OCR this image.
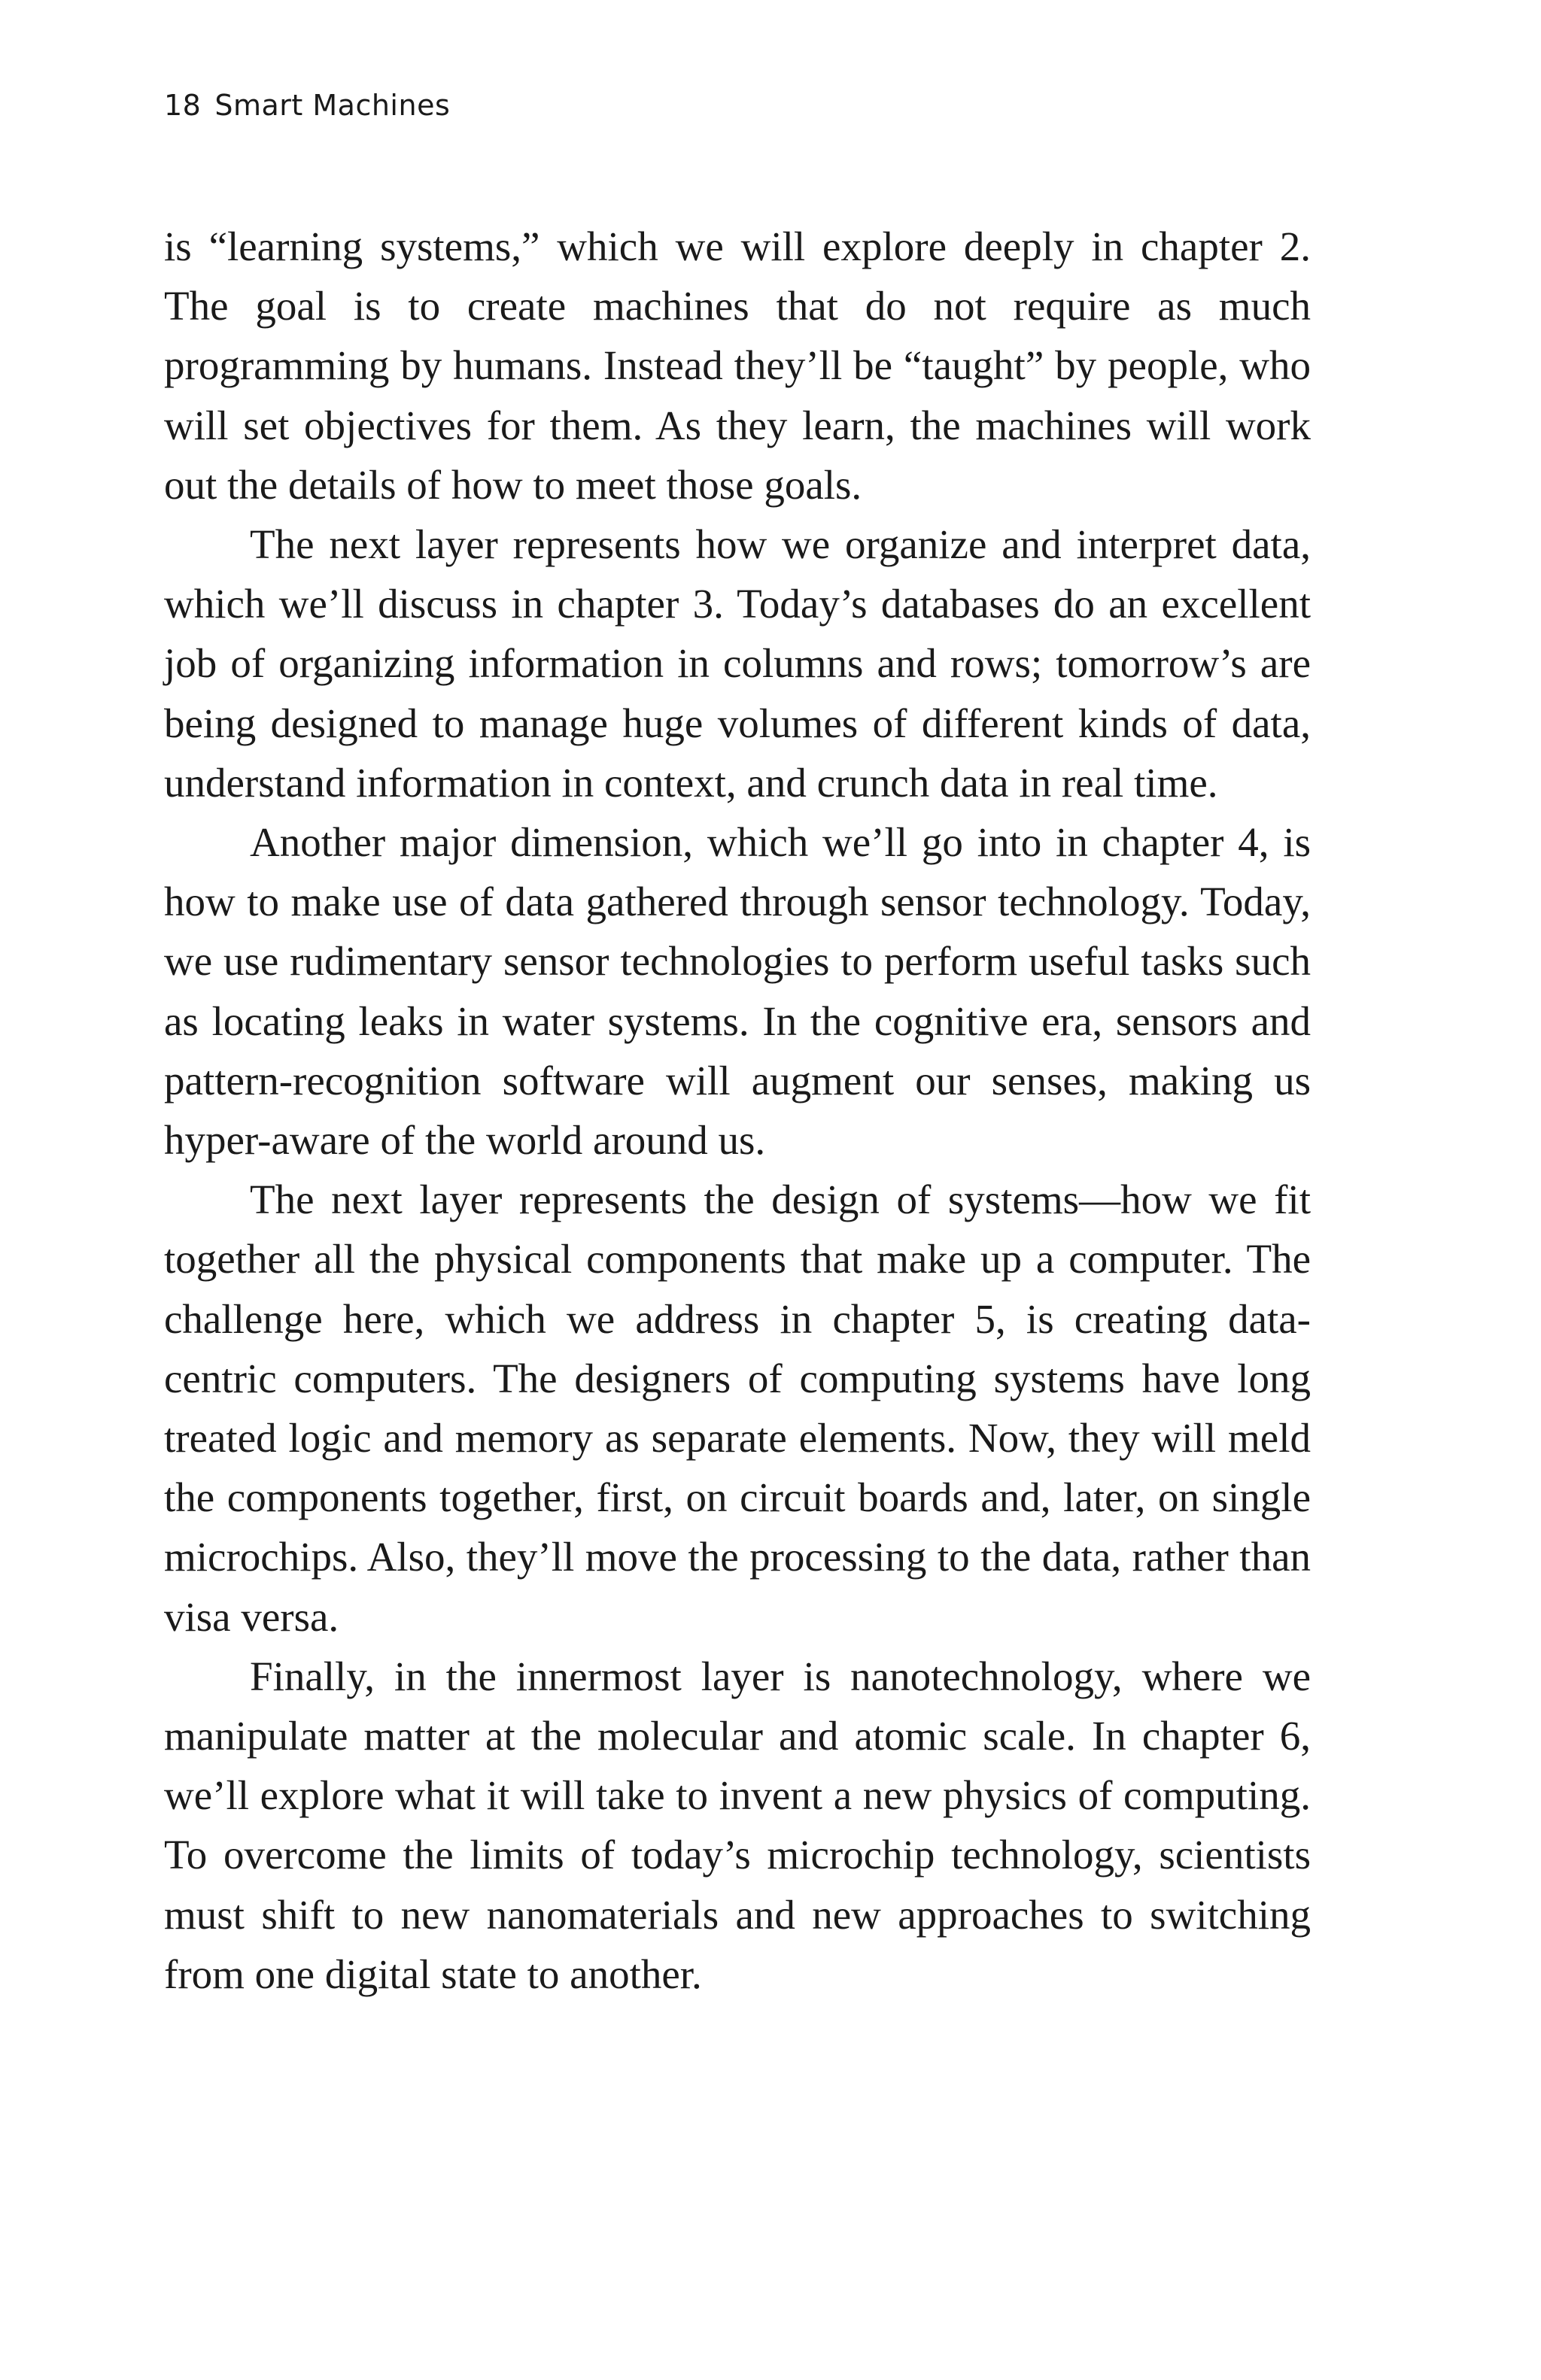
18 Smart Machines

is “learning systems,” which we will explore deeply in chapter 2. The goal is to create machines that do not require as much programming by humans. Instead they’ll be “taught” by people, who will set objectives for them. As they learn, the machines will work out the details of how to meet those goals.

The next layer represents how we organize and interpret data, which we’ll discuss in chapter 3. Today’s databases do an excellent job of organizing information in columns and rows; tomorrow’s are being designed to manage huge volumes of different kinds of data, understand information in context, and crunch data in real time.

Another major dimension, which we’ll go into in chapter 4, is how to make use of data gathered through sensor technology. Today, we use rudimentary sensor technologies to perform useful tasks such as locating leaks in water systems. In the cognitive era, sensors and pattern-recognition software will augment our senses, making us hyper-aware of the world around us.

The next layer represents the design of systems—how we fit together all the physical components that make up a computer. The challenge here, which we address in chapter 5, is creating data-centric computers. The designers of computing systems have long treated logic and memory as separate elements. Now, they will meld the components together, first, on circuit boards and, later, on single microchips. Also, they’ll move the processing to the data, rather than visa versa.

Finally, in the innermost layer is nanotechnology, where we manipulate matter at the molecular and atomic scale. In chapter 6, we’ll explore what it will take to invent a new physics of computing. To overcome the limits of today’s microchip technology, scientists must shift to new nanomaterials and new approaches to switching from one digital state to another.
